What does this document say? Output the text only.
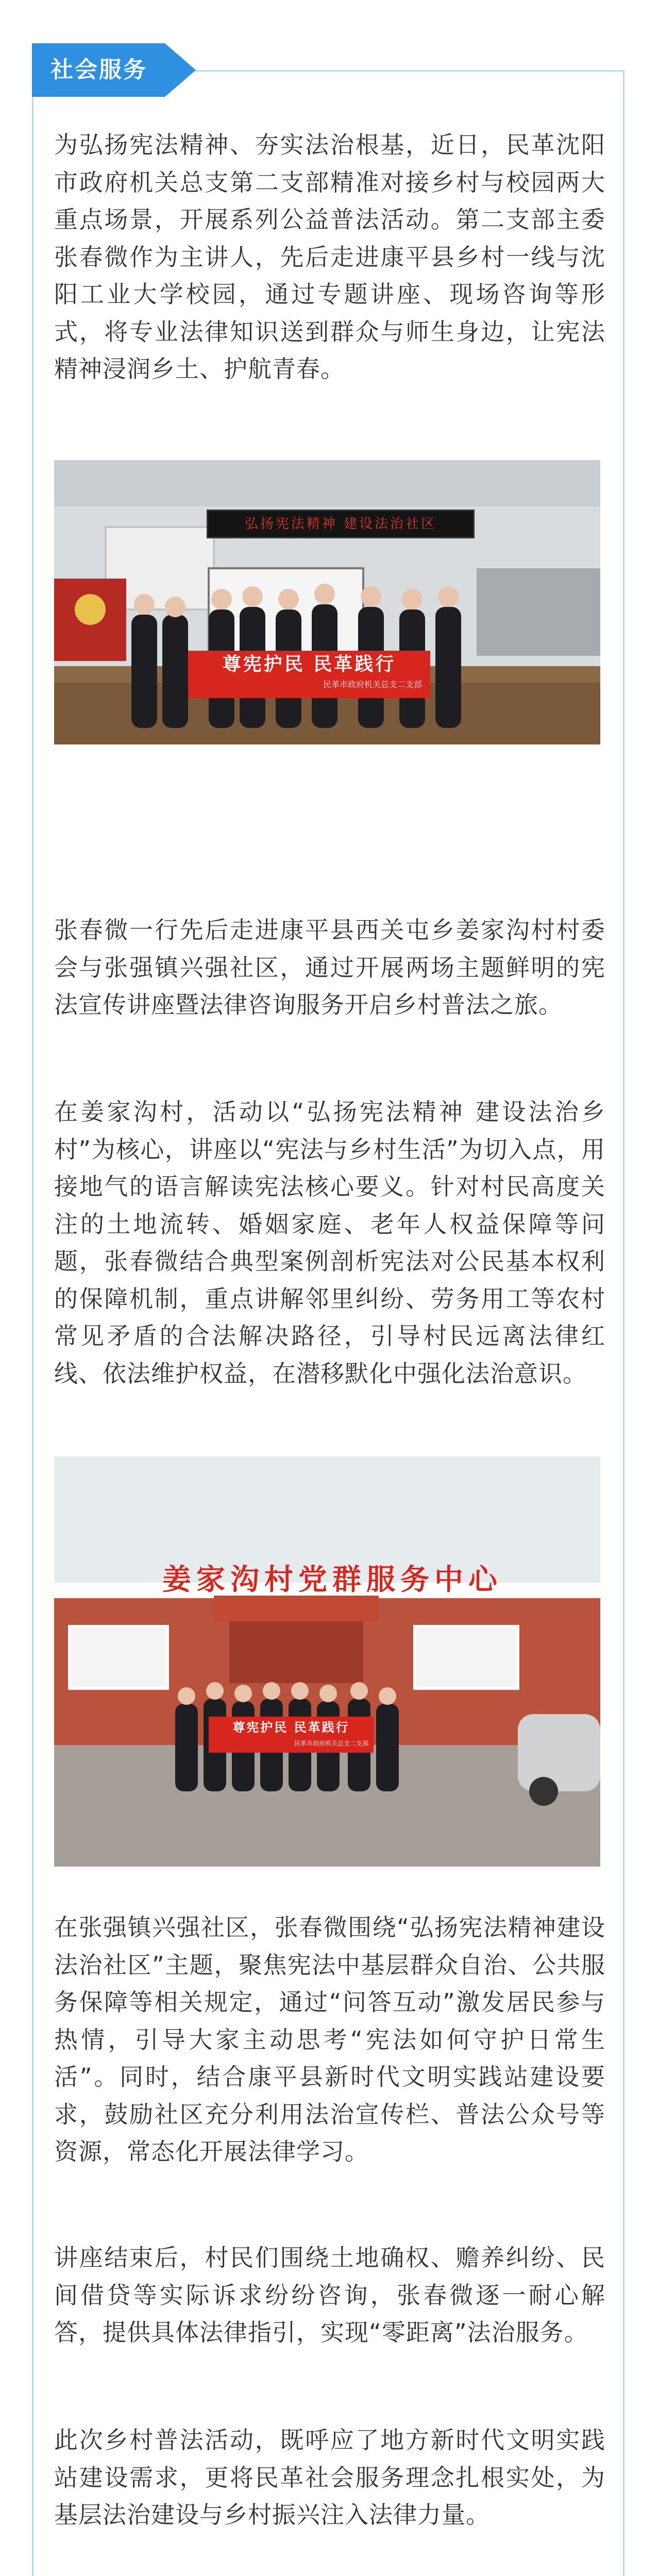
社会服务

为弘扬宪法精神、夯实法治根基，近日，民革沈阳市政府机关总支第二支部精准对接乡村与校园两大重点场景，开展系列公益普法活动。第二支部主委张春微作为主讲人，先后走进康平县乡村一线与沈阳工业大学校园，通过专题讲座、现场咨询等形式，将专业法律知识送到群众与师生身边，让宪法精神浸润乡土、护航青春。

弘扬宪法精神 建设法治社区
尊宪护民 民革践行
民革市政府机关总支二支部

张春微一行先后走进康平县西关屯乡姜家沟村村委会与张强镇兴强社区，通过开展两场主题鲜明的宪法宣传讲座暨法律咨询服务开启乡村普法之旅。

在姜家沟村，活动以“弘扬宪法精神 建设法治乡村”为核心，讲座以“宪法与乡村生活”为切入点，用接地气的语言解读宪法核心要义。针对村民高度关注的土地流转、婚姻家庭、老年人权益保障等问题，张春微结合典型案例剖析宪法对公民基本权利的保障机制，重点讲解邻里纠纷、劳务用工等农村常见矛盾的合法解决路径，引导村民远离法律红线、依法维护权益，在潜移默化中强化法治意识。

姜家沟村党群服务中心
尊宪护民 民革践行
民革市政府机关总支二支部

在张强镇兴强社区，张春微围绕“弘扬宪法精神建设法治社区”主题，聚焦宪法中基层群众自治、公共服务保障等相关规定，通过“问答互动”激发居民参与热情，引导大家主动思考“宪法如何守护日常生活”。同时，结合康平县新时代文明实践站建设要求，鼓励社区充分利用法治宣传栏、普法公众号等资源，常态化开展法律学习。

讲座结束后，村民们围绕土地确权、赡养纠纷、民间借贷等实际诉求纷纷咨询，张春微逐一耐心解答，提供具体法律指引，实现“零距离”法治服务。

此次乡村普法活动，既呼应了地方新时代文明实践站建设需求，更将民革社会服务理念扎根实处，为基层法治建设与乡村振兴注入法律力量。
